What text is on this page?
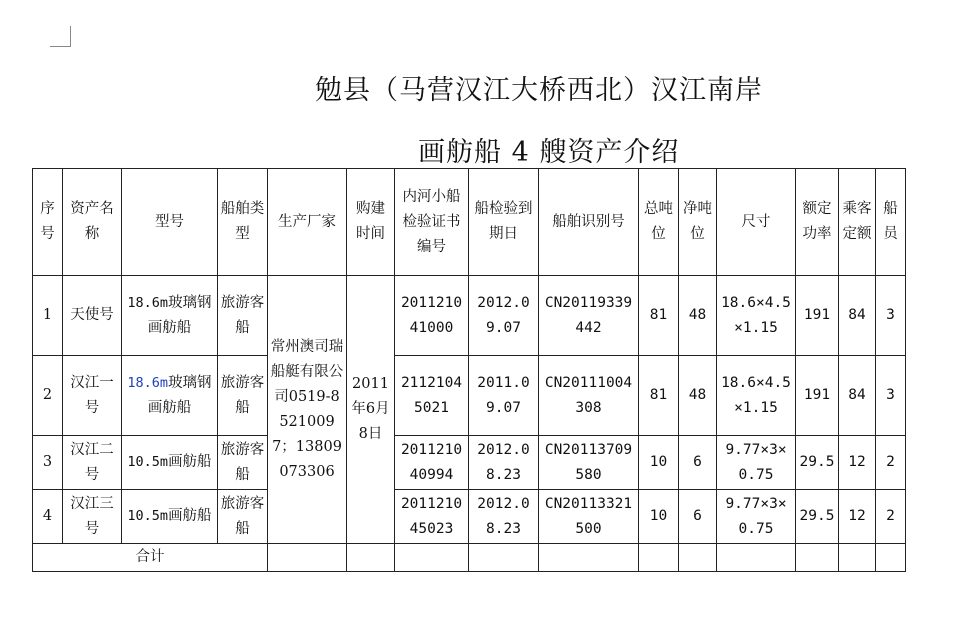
勉县（马营汉江大桥西北）汉江南岸
画舫船 4 艘资产介绍
序号	资产名称	型号	船舶类型	生产厂家	购建时间	内河小船检验证书编号	船检验到期日	船舶识别号	总吨位	净吨位	尺寸	额定功率	乘客定额	船员
1	天使号	18.6m玻璃钢画舫船	旅游客船	常州澳司瑞船艇有限公司0519-85210097；13809073306	2011年6月8日	201121041000	2012.09.07	CN20119339442	81	48	18.6×4.5×1.15	191	84	3
2	汉江一号	18.6m玻璃钢画舫船	旅游客船			21121045021	2011.09.07	CN20111004308	81	48	18.6×4.5×1.15	191	84	3
3	汉江二号	10.5m画舫船	旅游客船			201121040994	2012.08.23	CN20113709580	10	6	9.77×3×0.75	29.5	12	2
4	汉江三号	10.5m画舫船	旅游客船			201121045023	2012.08.23	CN20113321500	10	6	9.77×3×0.75	29.5	12	2
合计														
